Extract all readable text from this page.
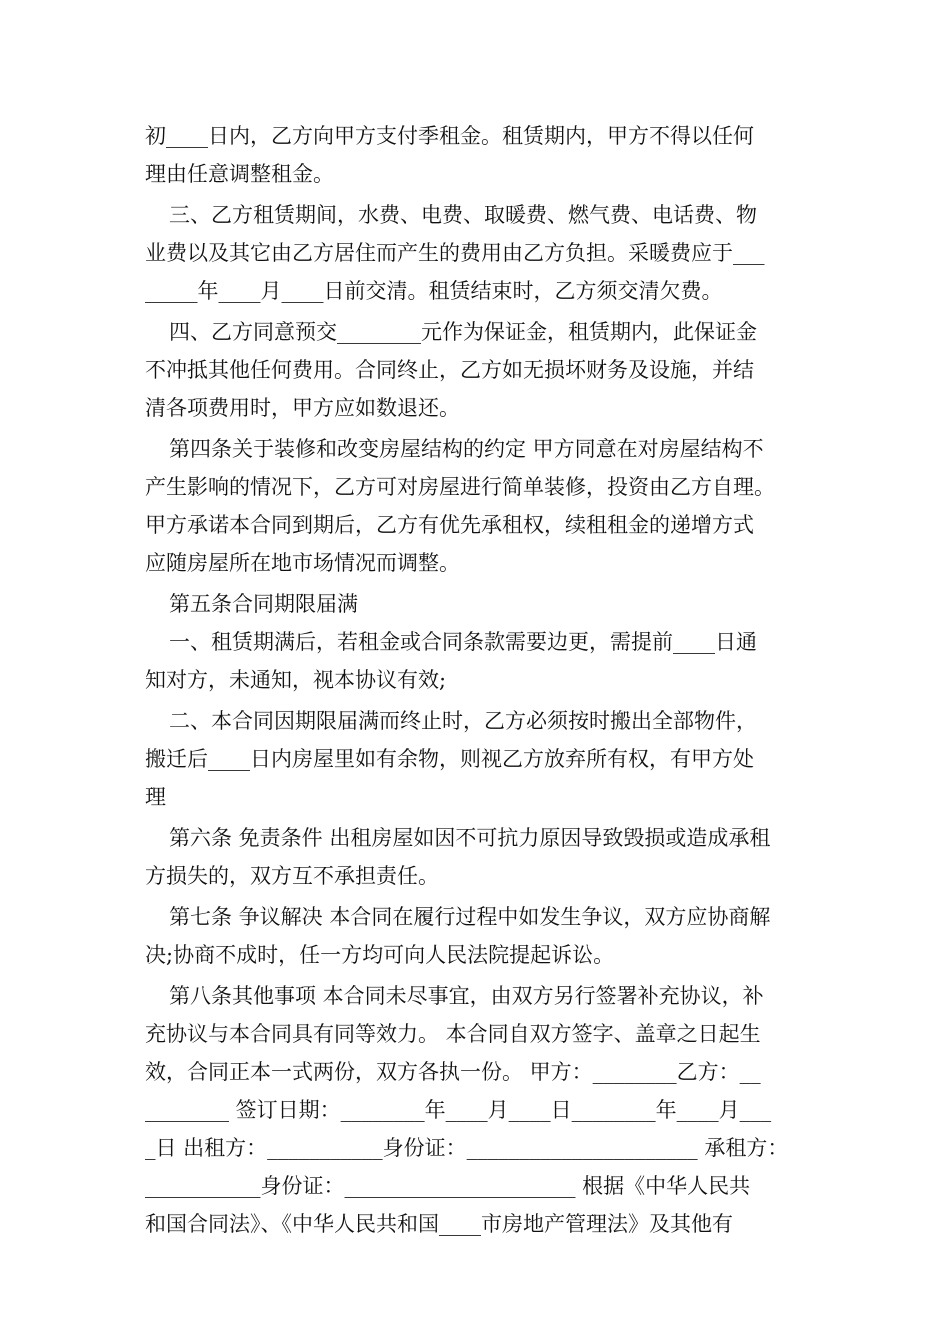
初____日内，乙方向甲方支付季租金。租赁期内，甲方不得以任何
理由任意调整租金。
三、乙方租赁期间，水费、电费、取暖费、燃气费、电话费、物
业费以及其它由乙方居住而产生的费用由乙方负担。采暖费应于___
_____年____月____日前交清。租赁结束时，乙方须交清欠费。
四、乙方同意预交________元作为保证金，租赁期内，此保证金
不冲抵其他任何费用。合同终止，乙方如无损坏财务及设施，并结
清各项费用时，甲方应如数退还。
第四条关于装修和改变房屋结构的约定 甲方同意在对房屋结构不
产生影响的情况下，乙方可对房屋进行简单装修，投资由乙方自理。
甲方承诺本合同到期后，乙方有优先承租权，续租租金的递增方式
应随房屋所在地市场情况而调整。
第五条合同期限届满
一、租赁期满后，若租金或合同条款需要边更，需提前____日通
知对方，未通知，视本协议有效;
二、本合同因期限届满而终止时，乙方必须按时搬出全部物件，
搬迁后____日内房屋里如有余物，则视乙方放弃所有权，有甲方处
理
第六条 免责条件 出租房屋如因不可抗力原因导致毁损或造成承租
方损失的，双方互不承担责任。
第七条 争议解决 本合同在履行过程中如发生争议，双方应协商解
决;协商不成时，任一方均可向人民法院提起诉讼。
第八条其他事项 本合同未尽事宜，由双方另行签署补充协议，补
充协议与本合同具有同等效力。 本合同自双方签字、盖章之日起生
效，合同正本一式两份，双方各执一份。 甲方：________乙方：__
________ 签订日期：________年____月____日________年____月___
_日 出租方：___________身份证：______________________ 承租方：
___________身份证：______________________ 根据《中华人民共
和国合同法》、《中华人民共和国____市房地产管理法》及其他有
